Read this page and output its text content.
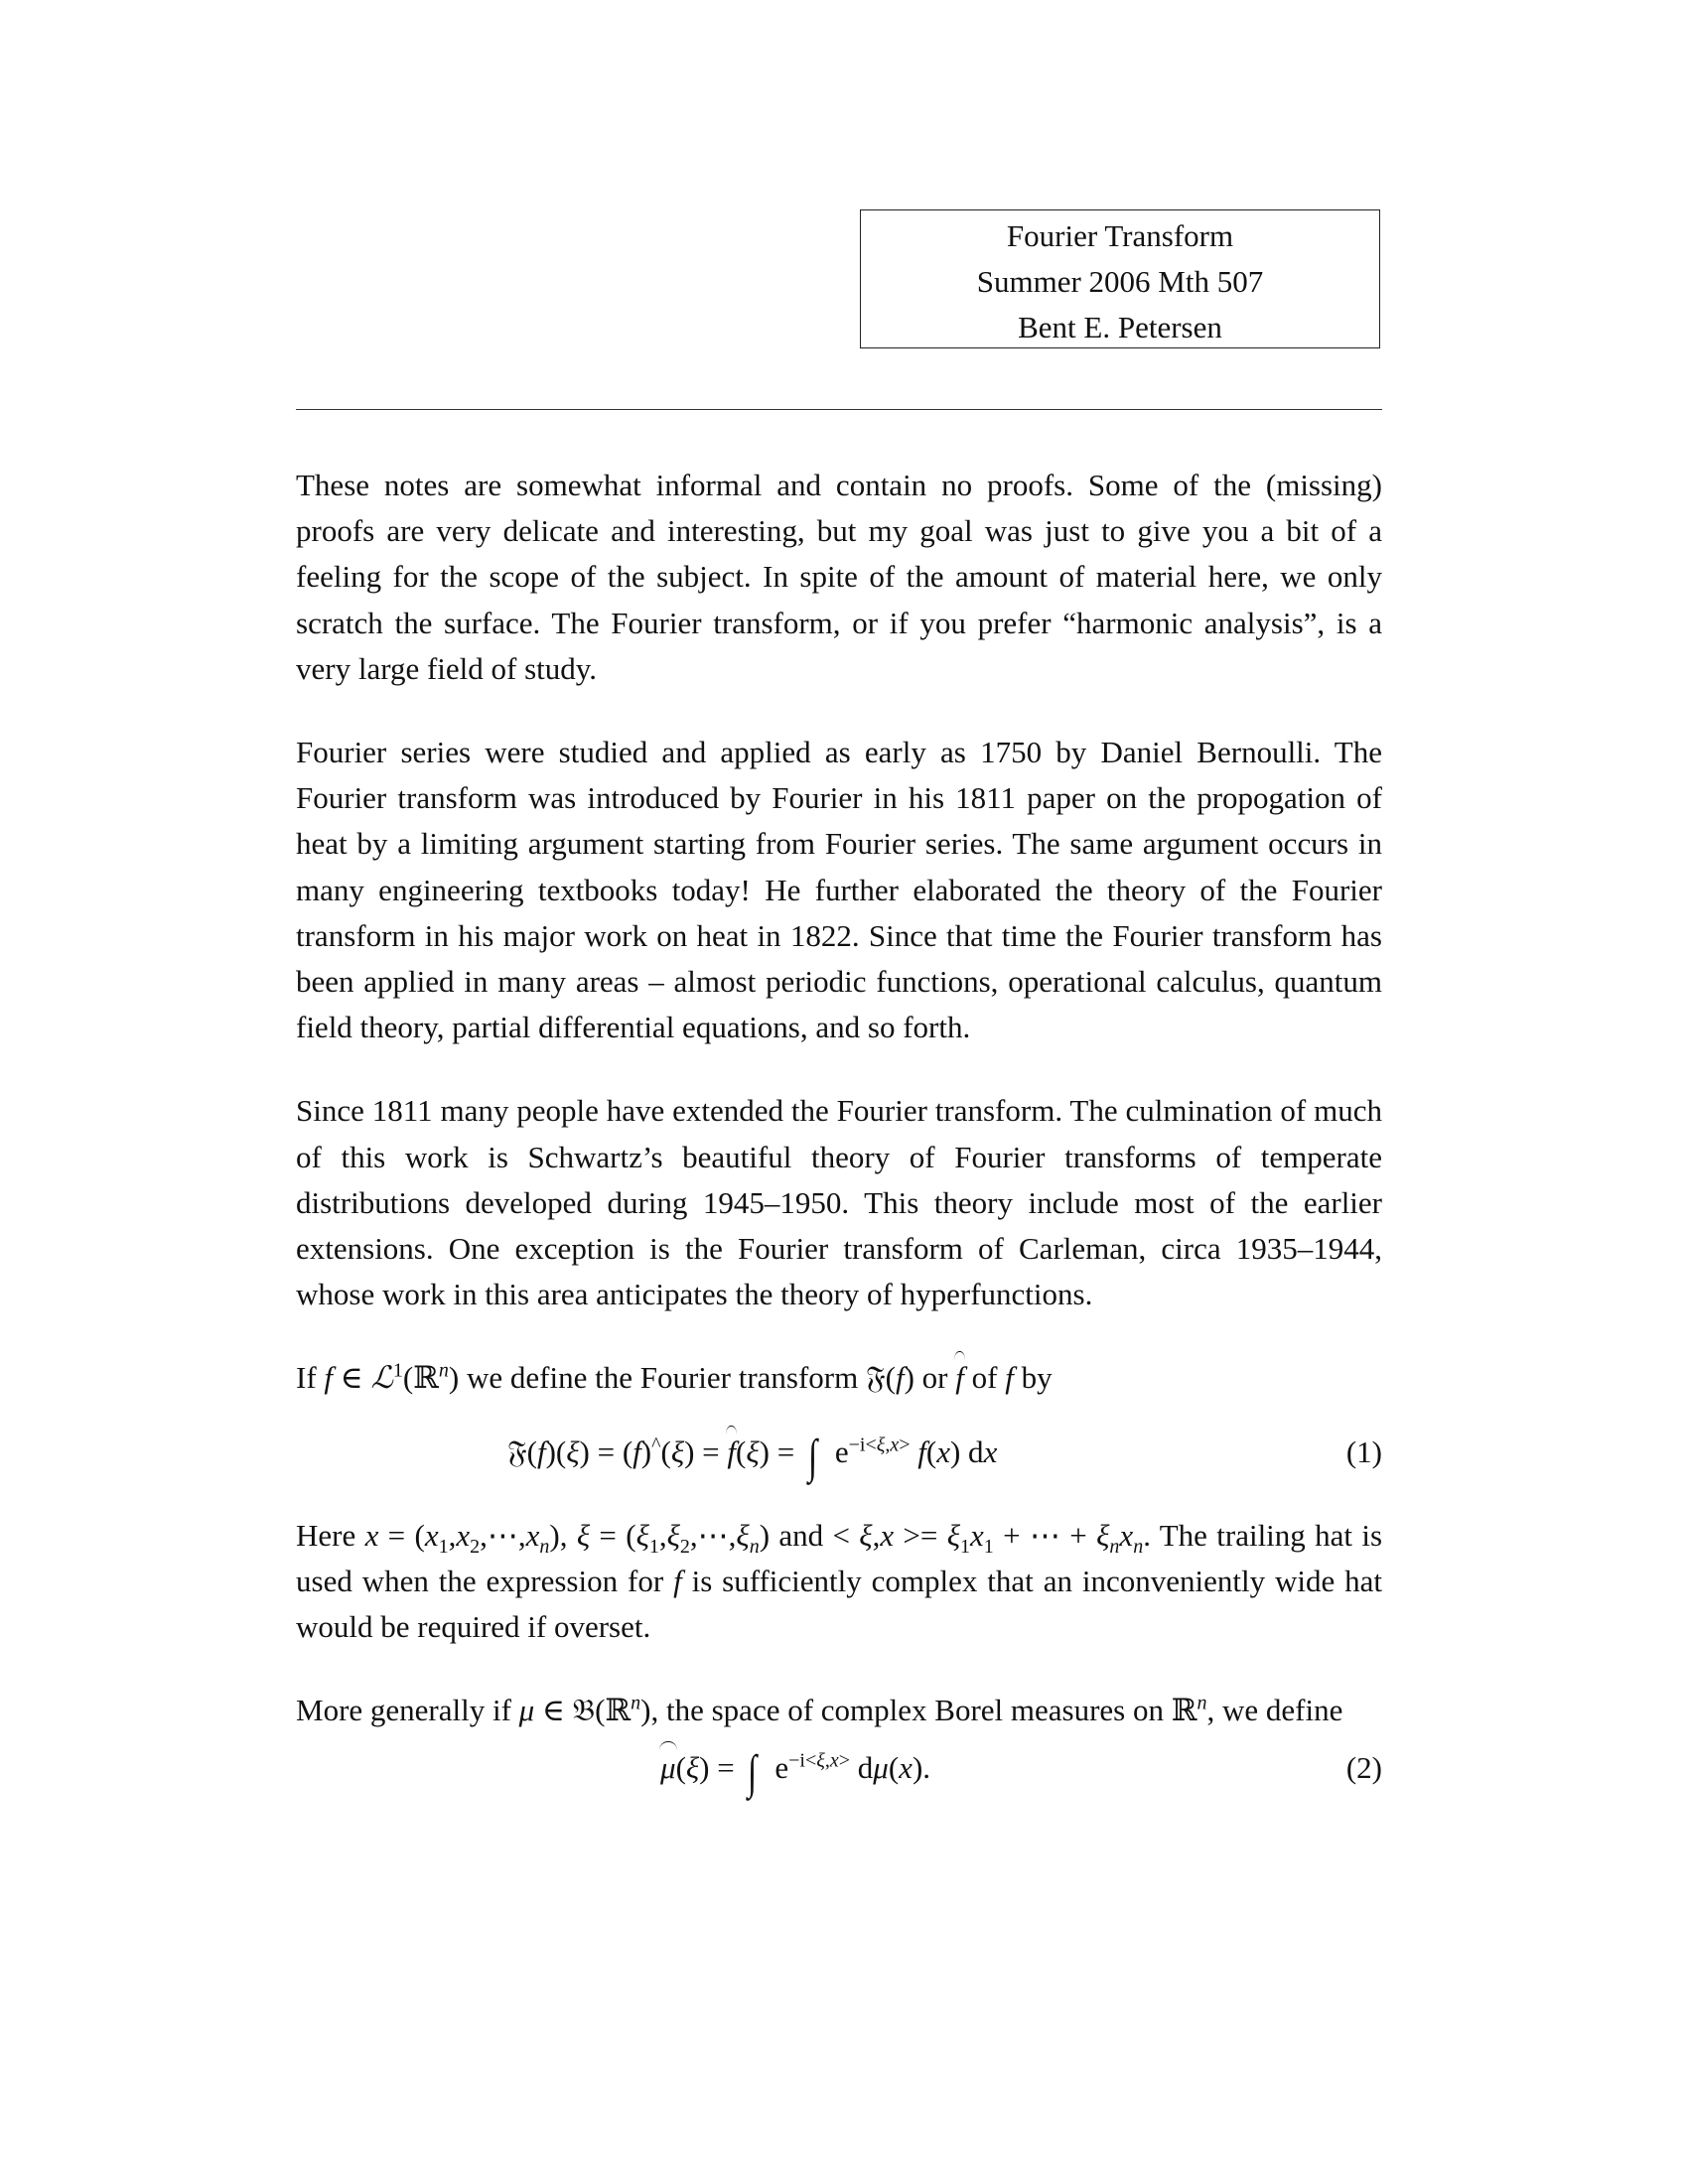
Fourier Transform
Summer 2006 Mth 507
Bent E. Petersen

These notes are somewhat informal and contain no proofs. Some of the (missing) proofs are very delicate and interesting, but my goal was just to give you a bit of a feeling for the scope of the subject. In spite of the amount of material here, we only scratch the surface. The Fourier transform, or if you prefer “harmonic analysis”, is a very large field of study.

Fourier series were studied and applied as early as 1750 by Daniel Bernoulli. The Fourier transform was introduced by Fourier in his 1811 paper on the propogation of heat by a limiting argument starting from Fourier series. The same argument occurs in many engineering textbooks today! He further elaborated the theory of the Fourier transform in his major work on heat in 1822. Since that time the Fourier transform has been applied in many areas – almost periodic functions, operational calculus, quantum field theory, partial differential equations, and so forth.

Since 1811 many people have extended the Fourier transform. The culmination of much of this work is Schwartz’s beautiful theory of Fourier transforms of temperate distributions developed during 1945–1950. This theory include most of the earlier extensions. One exception is the Fourier transform of Carleman, circa 1935–1944, whose work in this area anticipates the theory of hyperfunctions.

If f ∈ ℒ$^1$(ℝ$^n$) we define the Fourier transform 𝔉(f) or f of f by

𝔉(f)(ξ) = (f)^(ξ) = f(ξ) = ∫ $e^{-i<\xi,x>}$ f(x) dx	(1)

Here $x = (x_1,x_2,\cdots,x_n)$, $\xi = (\xi_1,\xi_2,\cdots,\xi_n)$ and < $\xi,x >= \xi_1x_1$ + ⋯ + $\xi_nx_n$. The trailing hat is used when the expression for f is sufficiently complex that an inconveniently wide hat would be required if overset.

More generally if μ ∈ 𝔅(ℝ$^n$), the space of complex Borel measures on ℝ$^n$, we define

μ(ξ) = ∫ $e^{-i<\xi,x>}$ dμ(x).	(2)
